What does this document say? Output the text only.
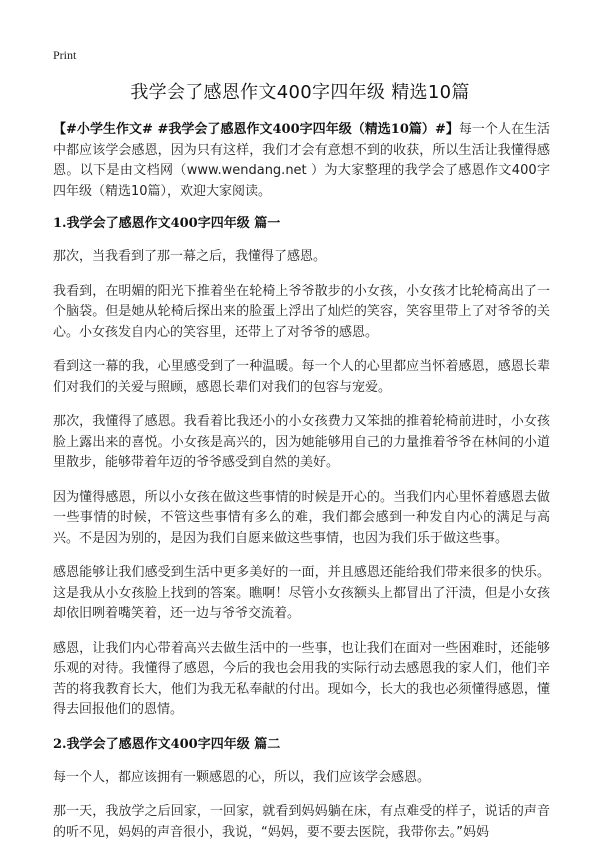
Print
我学会了感恩作文400字四年级 精选10篇

【#小学生作文# #我学会了感恩作文400字四年级（精选10篇）#】每一个人在生活中都应该学会感恩，因为只有这样，我们才会有意想不到的收获，所以生活让我懂得感恩。以下是由文档网（www.wendang.net ）为大家整理的我学会了感恩作文400字四年级（精选10篇），欢迎大家阅读。

1.我学会了感恩作文400字四年级 篇一

那次，当我看到了那一幕之后，我懂得了感恩。

我看到，在明媚的阳光下推着坐在轮椅上爷爷散步的小女孩，小女孩才比轮椅高出了一个脑袋。但是她从轮椅后探出来的脸蛋上浮出了灿烂的笑容，笑容里带上了对爷爷的关心。小女孩发自内心的笑容里，还带上了对爷爷的感恩。

看到这一幕的我，心里感受到了一种温暖。每一个人的心里都应当怀着感恩，感恩长辈们对我们的关爱与照顾，感恩长辈们对我们的包容与宠爱。

那次，我懂得了感恩。我看着比我还小的小女孩费力又笨拙的推着轮椅前进时，小女孩脸上露出来的喜悦。小女孩是高兴的，因为她能够用自己的力量推着爷爷在林间的小道里散步，能够带着年迈的爷爷感受到自然的美好。

因为懂得感恩，所以小女孩在做这些事情的时候是开心的。当我们内心里怀着感恩去做一些事情的时候，不管这些事情有多么的难，我们都会感到一种发自内心的满足与高兴。不是因为别的，是因为我们自愿来做这些事情，也因为我们乐于做这些事。

感恩能够让我们感受到生活中更多美好的一面，并且感恩还能给我们带来很多的快乐。这是我从小女孩脸上找到的答案。瞧啊！尽管小女孩额头上都冒出了汗渍，但是小女孩却依旧咧着嘴笑着，还一边与爷爷交流着。

感恩，让我们内心带着高兴去做生活中的一些事，也让我们在面对一些困难时，还能够乐观的对待。我懂得了感恩，今后的我也会用我的实际行动去感恩我的家人们，他们辛苦的将我教育长大，他们为我无私奉献的付出。现如今，长大的我也必须懂得感恩，懂得去回报他们的恩情。

2.我学会了感恩作文400字四年级 篇二

每一个人，都应该拥有一颗感恩的心，所以，我们应该学会感恩。

那一天，我放学之后回家，一回家，就看到妈妈躺在床，有点难受的样子，说话的声音的听不见，妈妈的声音很小，我说，“妈妈，要不要去医院，我带你去。”妈妈
